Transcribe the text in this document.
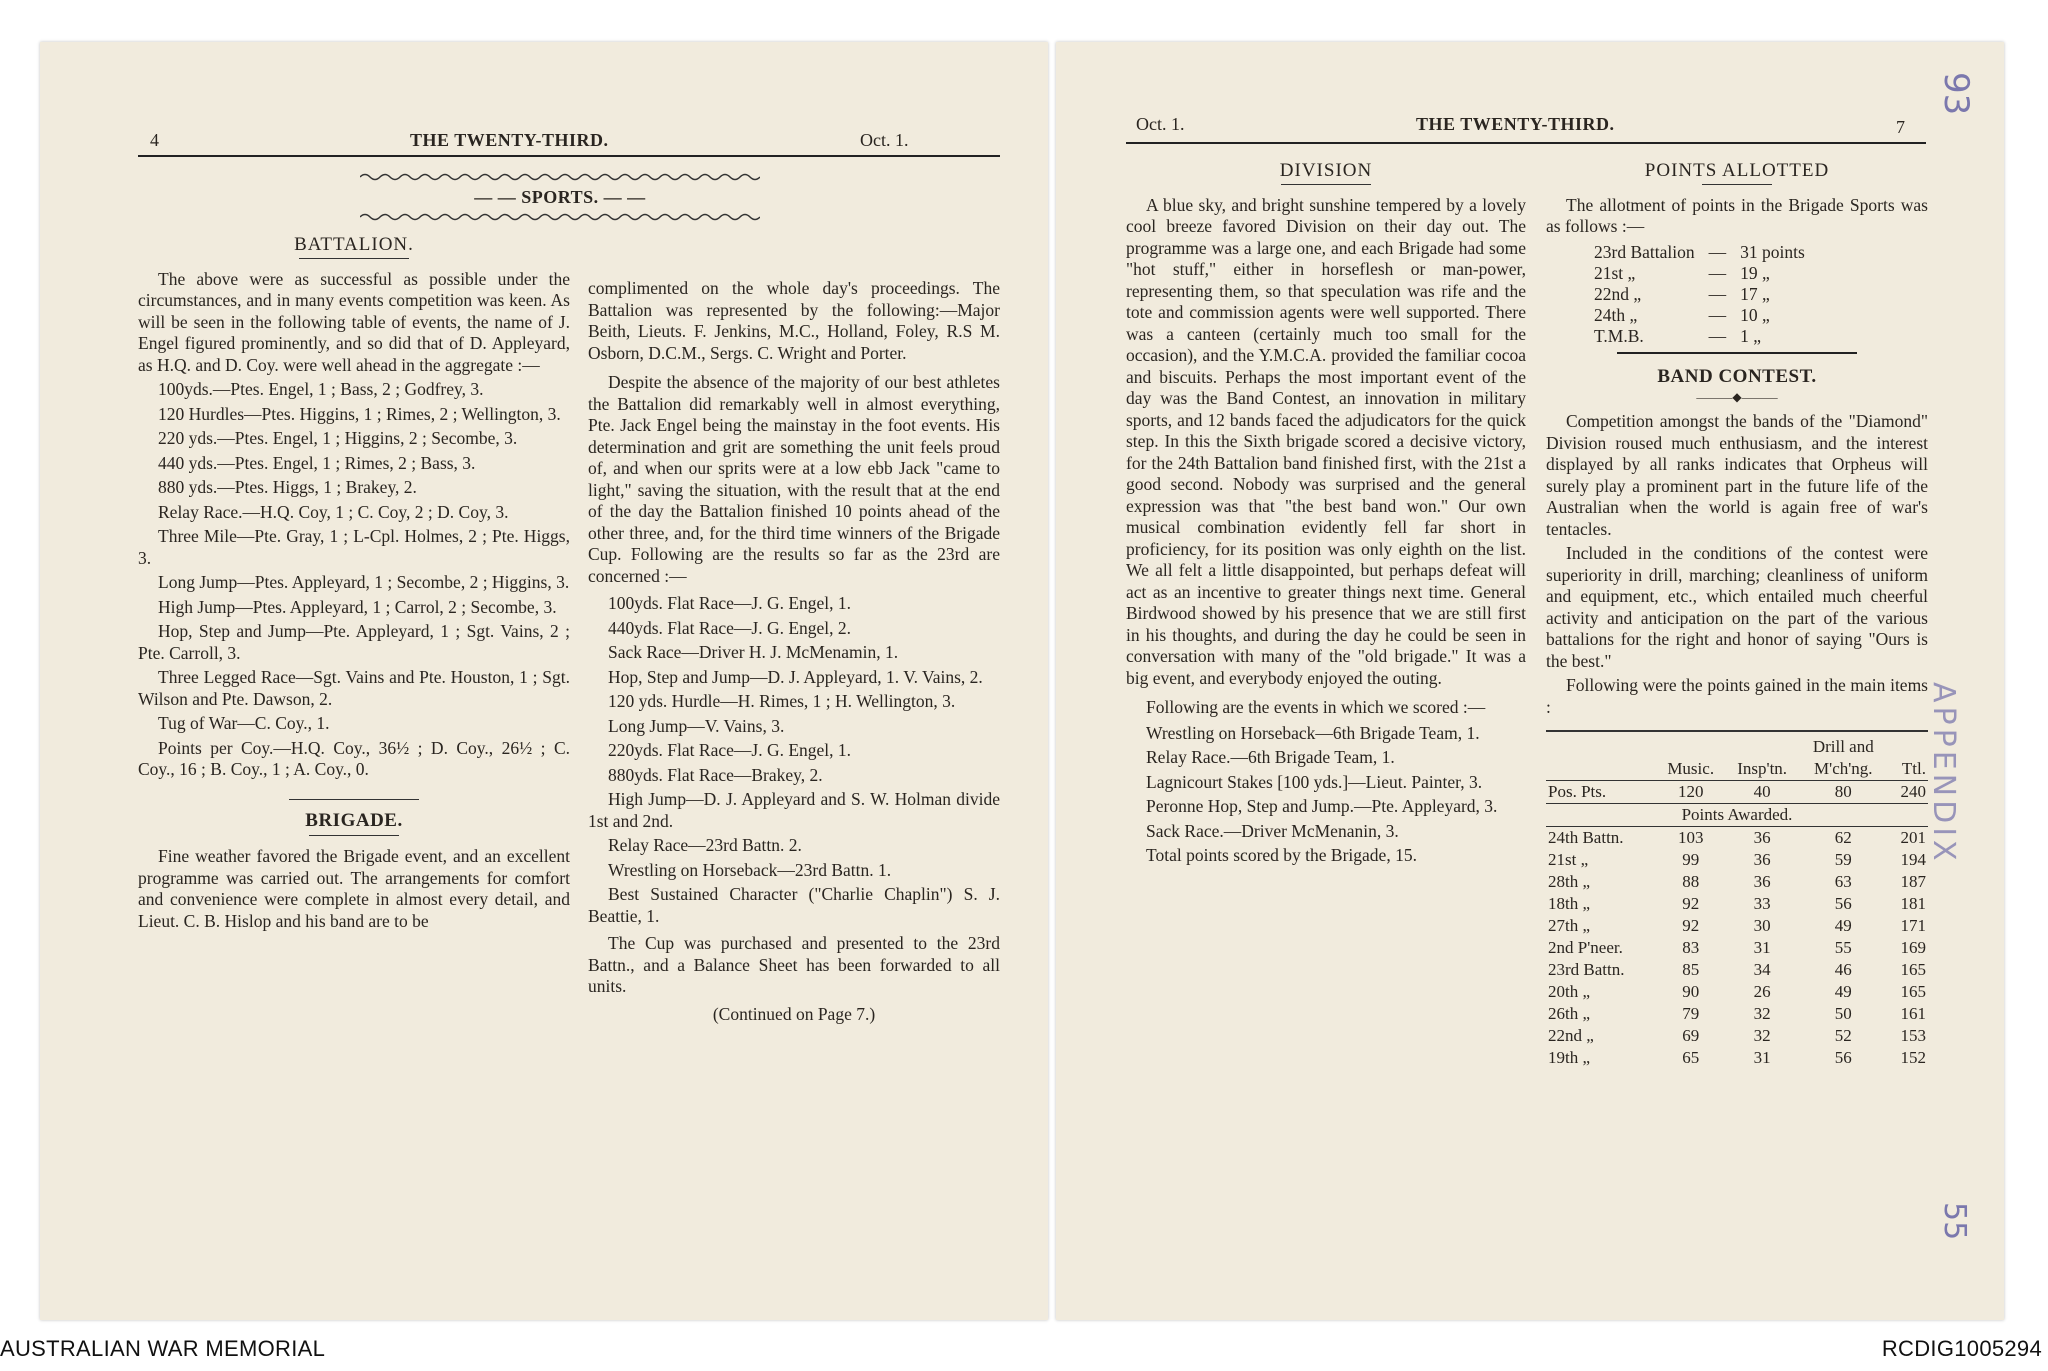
4	THE TWENTY-THIRD.	Oct. 1.
— — SPORTS. — —
BATTALION.

The above were as successful as possible under the circumstances, and in many events competition was keen. As will be seen in the following table of events, the name of J. Engel figured prominently, and so did that of D. Appleyard, as H.Q. and D. Coy. were well ahead in the aggregate :—

100yds.—Ptes. Engel, 1 ; Bass, 2 ; Godfrey, 3.

120 Hurdles—Ptes. Higgins, 1 ; Rimes, 2 ; Wellington, 3.

220 yds.—Ptes. Engel, 1 ; Higgins, 2 ; Secombe, 3.

440 yds.—Ptes. Engel, 1 ; Rimes, 2 ; Bass, 3.

880 yds.—Ptes. Higgs, 1 ; Brakey, 2.

Relay Race.—H.Q. Coy, 1 ; C. Coy, 2 ; D. Coy, 3.

Three Mile—Pte. Gray, 1 ; L-Cpl. Holmes, 2 ; Pte. Higgs, 3.

Long Jump—Ptes. Appleyard, 1 ; Secombe, 2 ; Higgins, 3.

High Jump—Ptes. Appleyard, 1 ; Carrol, 2 ; Secombe, 3.

Hop, Step and Jump—Pte. Appleyard, 1 ; Sgt. Vains, 2 ; Pte. Carroll, 3.

Three Legged Race—Sgt. Vains and Pte. Houston, 1 ; Sgt. Wilson and Pte. Dawson, 2.

Tug of War—C. Coy., 1.

Points per Coy.—H.Q. Coy., 36½ ; D. Coy., 26½ ; C. Coy., 16 ; B. Coy., 1 ; A. Coy., 0.

BRIGADE.

Fine weather favored the Brigade event, and an excellent programme was carried out. The arrangements for comfort and convenience were complete in almost every detail, and Lieut. C. B. Hislop and his band are to be

complimented on the whole day's proceedings. The Battalion was represented by the following:—Major Beith, Lieuts. F. Jenkins, M.C., Holland, Foley, R.S M. Osborn, D.C.M., Sergs. C. Wright and Porter.

Despite the absence of the majority of our best athletes the Battalion did remarkably well in almost everything, Pte. Jack Engel being the mainstay in the foot events. His determination and grit are something the unit feels proud of, and when our sprits were at a low ebb Jack "came to light," saving the situation, with the result that at the end of the day the Battalion finished 10 points ahead of the other three, and, for the third time winners of the Brigade Cup. Following are the results so far as the 23rd are concerned :—

100yds. Flat Race—J. G. Engel, 1.

440yds. Flat Race—J. G. Engel, 2.

Sack Race—Driver H. J. McMenamin, 1.

Hop, Step and Jump—D. J. Appleyard, 1. V. Vains, 2.

120 yds. Hurdle—H. Rimes, 1 ; H. Wellington, 3.

Long Jump—V. Vains, 3.

220yds. Flat Race—J. G. Engel, 1.

880yds. Flat Race—Brakey, 2.

High Jump—D. J. Appleyard and S. W. Holman divide 1st and 2nd.

Relay Race—23rd Battn. 2.

Wrestling on Horseback—23rd Battn. 1.

Best Sustained Character ("Charlie Chaplin") S. J. Beattie, 1.

The Cup was purchased and presented to the 23rd Battn., and a Balance Sheet has been forwarded to all units.

(Continued on Page 7.)
Oct. 1.	THE TWENTY-THIRD.	7
DIVISION

A blue sky, and bright sunshine tempered by a lovely cool breeze favored Division on their day out. The programme was a large one, and each Brigade had some "hot stuff," either in horseflesh or man-power, representing them, so that speculation was rife and the tote and commission agents were well supported. There was a canteen (certainly much too small for the occasion), and the Y.M.C.A. provided the familiar cocoa and biscuits. Perhaps the most important event of the day was the Band Contest, an innovation in military sports, and 12 bands faced the adjudicators for the quick step. In this the Sixth brigade scored a decisive victory, for the 24th Battalion band finished first, with the 21st a good second. Nobody was surprised and the general expression was that "the best band won." Our own musical combination evidently fell far short in proficiency, for its position was only eighth on the list. We all felt a little disappointed, but perhaps defeat will act as an incentive to greater things next time. General Birdwood showed by his presence that we are still first in his thoughts, and during the day he could be seen in conversation with many of the "old brigade." It was a big event, and everybody enjoyed the outing.

Following are the events in which we scored :—

Wrestling on Horseback—6th Brigade Team, 1.

Relay Race.—6th Brigade Team, 1.

Lagnicourt Stakes [100 yds.]—Lieut. Painter, 3.

Peronne Hop, Step and Jump.—Pte. Appleyard, 3.

Sack Race.—Driver McMenanin, 3.

Total points scored by the Brigade, 15.

POINTS ALLOTTED

The allotment of points in the Brigade Sports was as follows :—

23rd Battalion	—	31 points
21st „	—	19 „
22nd „	—	17 „
24th „	—	10 „
T.M.B.	—	1 „
BAND CONTEST.
———◆———

Competition amongst the bands of the "Diamond" Division roused much enthusiasm, and the interest displayed by all ranks indicates that Orpheus will surely play a prominent part in the future life of the Australian when the world is again free of war's tentacles.

Included in the conditions of the contest were superiority in drill, marching; cleanliness of uniform and equipment, etc., which entailed much cheerful activity and anticipation on the part of the various battalions for the right and honor of saying "Ours is the best."

Following were the points gained in the main items :

			Drill and	
	Music.	Insp'tn.	M'ch'ng.	Ttl.
Pos. Pts.	120	40	80	240
Points Awarded.				
24th Battn.	103	36	62	201
21st „	99	36	59	194
28th „	88	36	63	187
18th „	92	33	56	181
27th „	92	30	49	171
2nd P'neer.	83	31	55	169
23rd Battn.	85	34	46	165
20th „	90	26	49	165
26th „	79	32	50	161
22nd „	69	32	52	153
19th „	65	31	56	152
93
APPENDIX
55
AUSTRALIAN WAR MEMORIAL	RCDIG1005294
